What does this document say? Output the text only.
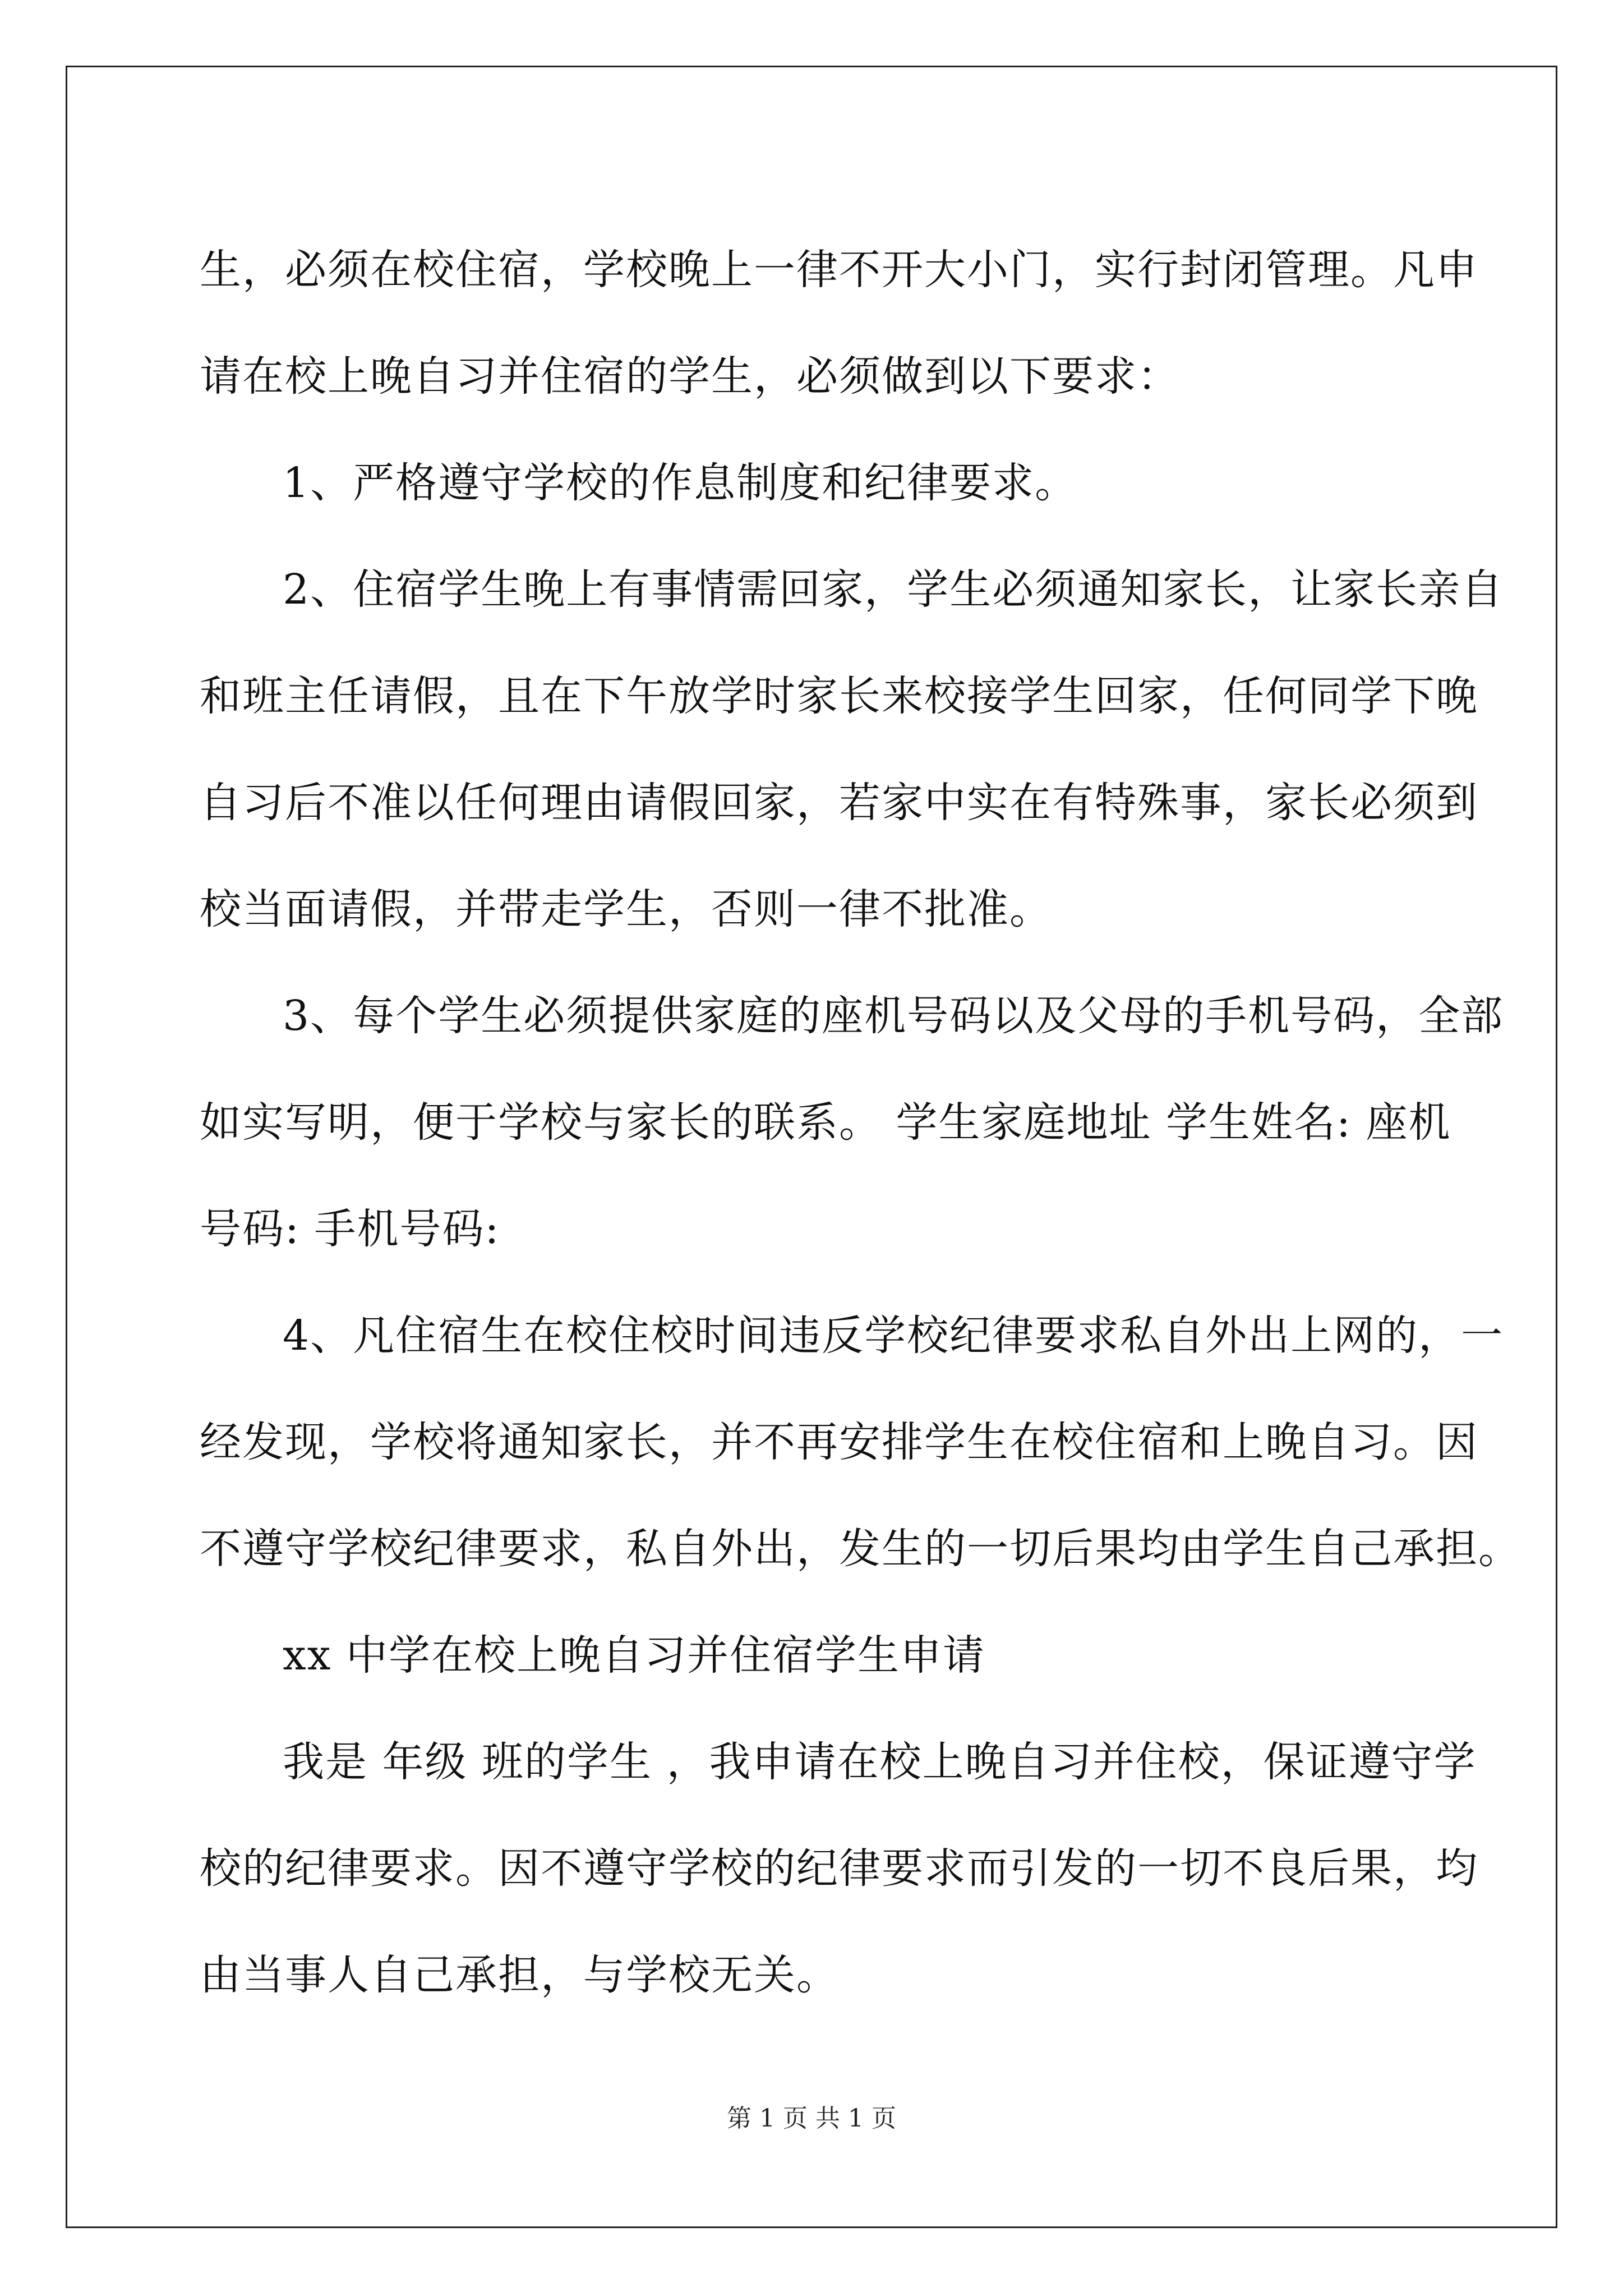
生，必须在校住宿，学校晚上一律不开大小门，实行封闭管理。凡申
请在校上晚自习并住宿的学生，必须做到以下要求：
1、严格遵守学校的作息制度和纪律要求。
2、住宿学生晚上有事情需回家，学生必须通知家长，让家长亲自
和班主任请假，且在下午放学时家长来校接学生回家，任何同学下晚
自习后不准以任何理由请假回家，若家中实在有特殊事，家长必须到
校当面请假，并带走学生，否则一律不批准。
3、每个学生必须提供家庭的座机号码以及父母的手机号码，全部
如实写明，便于学校与家长的联系。 学生家庭地址 学生姓名: 座机
号码: 手机号码:
4、凡住宿生在校住校时间违反学校纪律要求私自外出上网的，一
经发现，学校将通知家长，并不再安排学生在校住宿和上晚自习。因
不遵守学校纪律要求，私自外出，发生的一切后果均由学生自己承担。
xx 中学在校上晚自习并住宿学生申请
我是 年级 班的学生 ，我申请在校上晚自习并住校，保证遵守学
校的纪律要求。因不遵守学校的纪律要求而引发的一切不良后果，均
由当事人自己承担，与学校无关。
第 1 页 共 1 页
